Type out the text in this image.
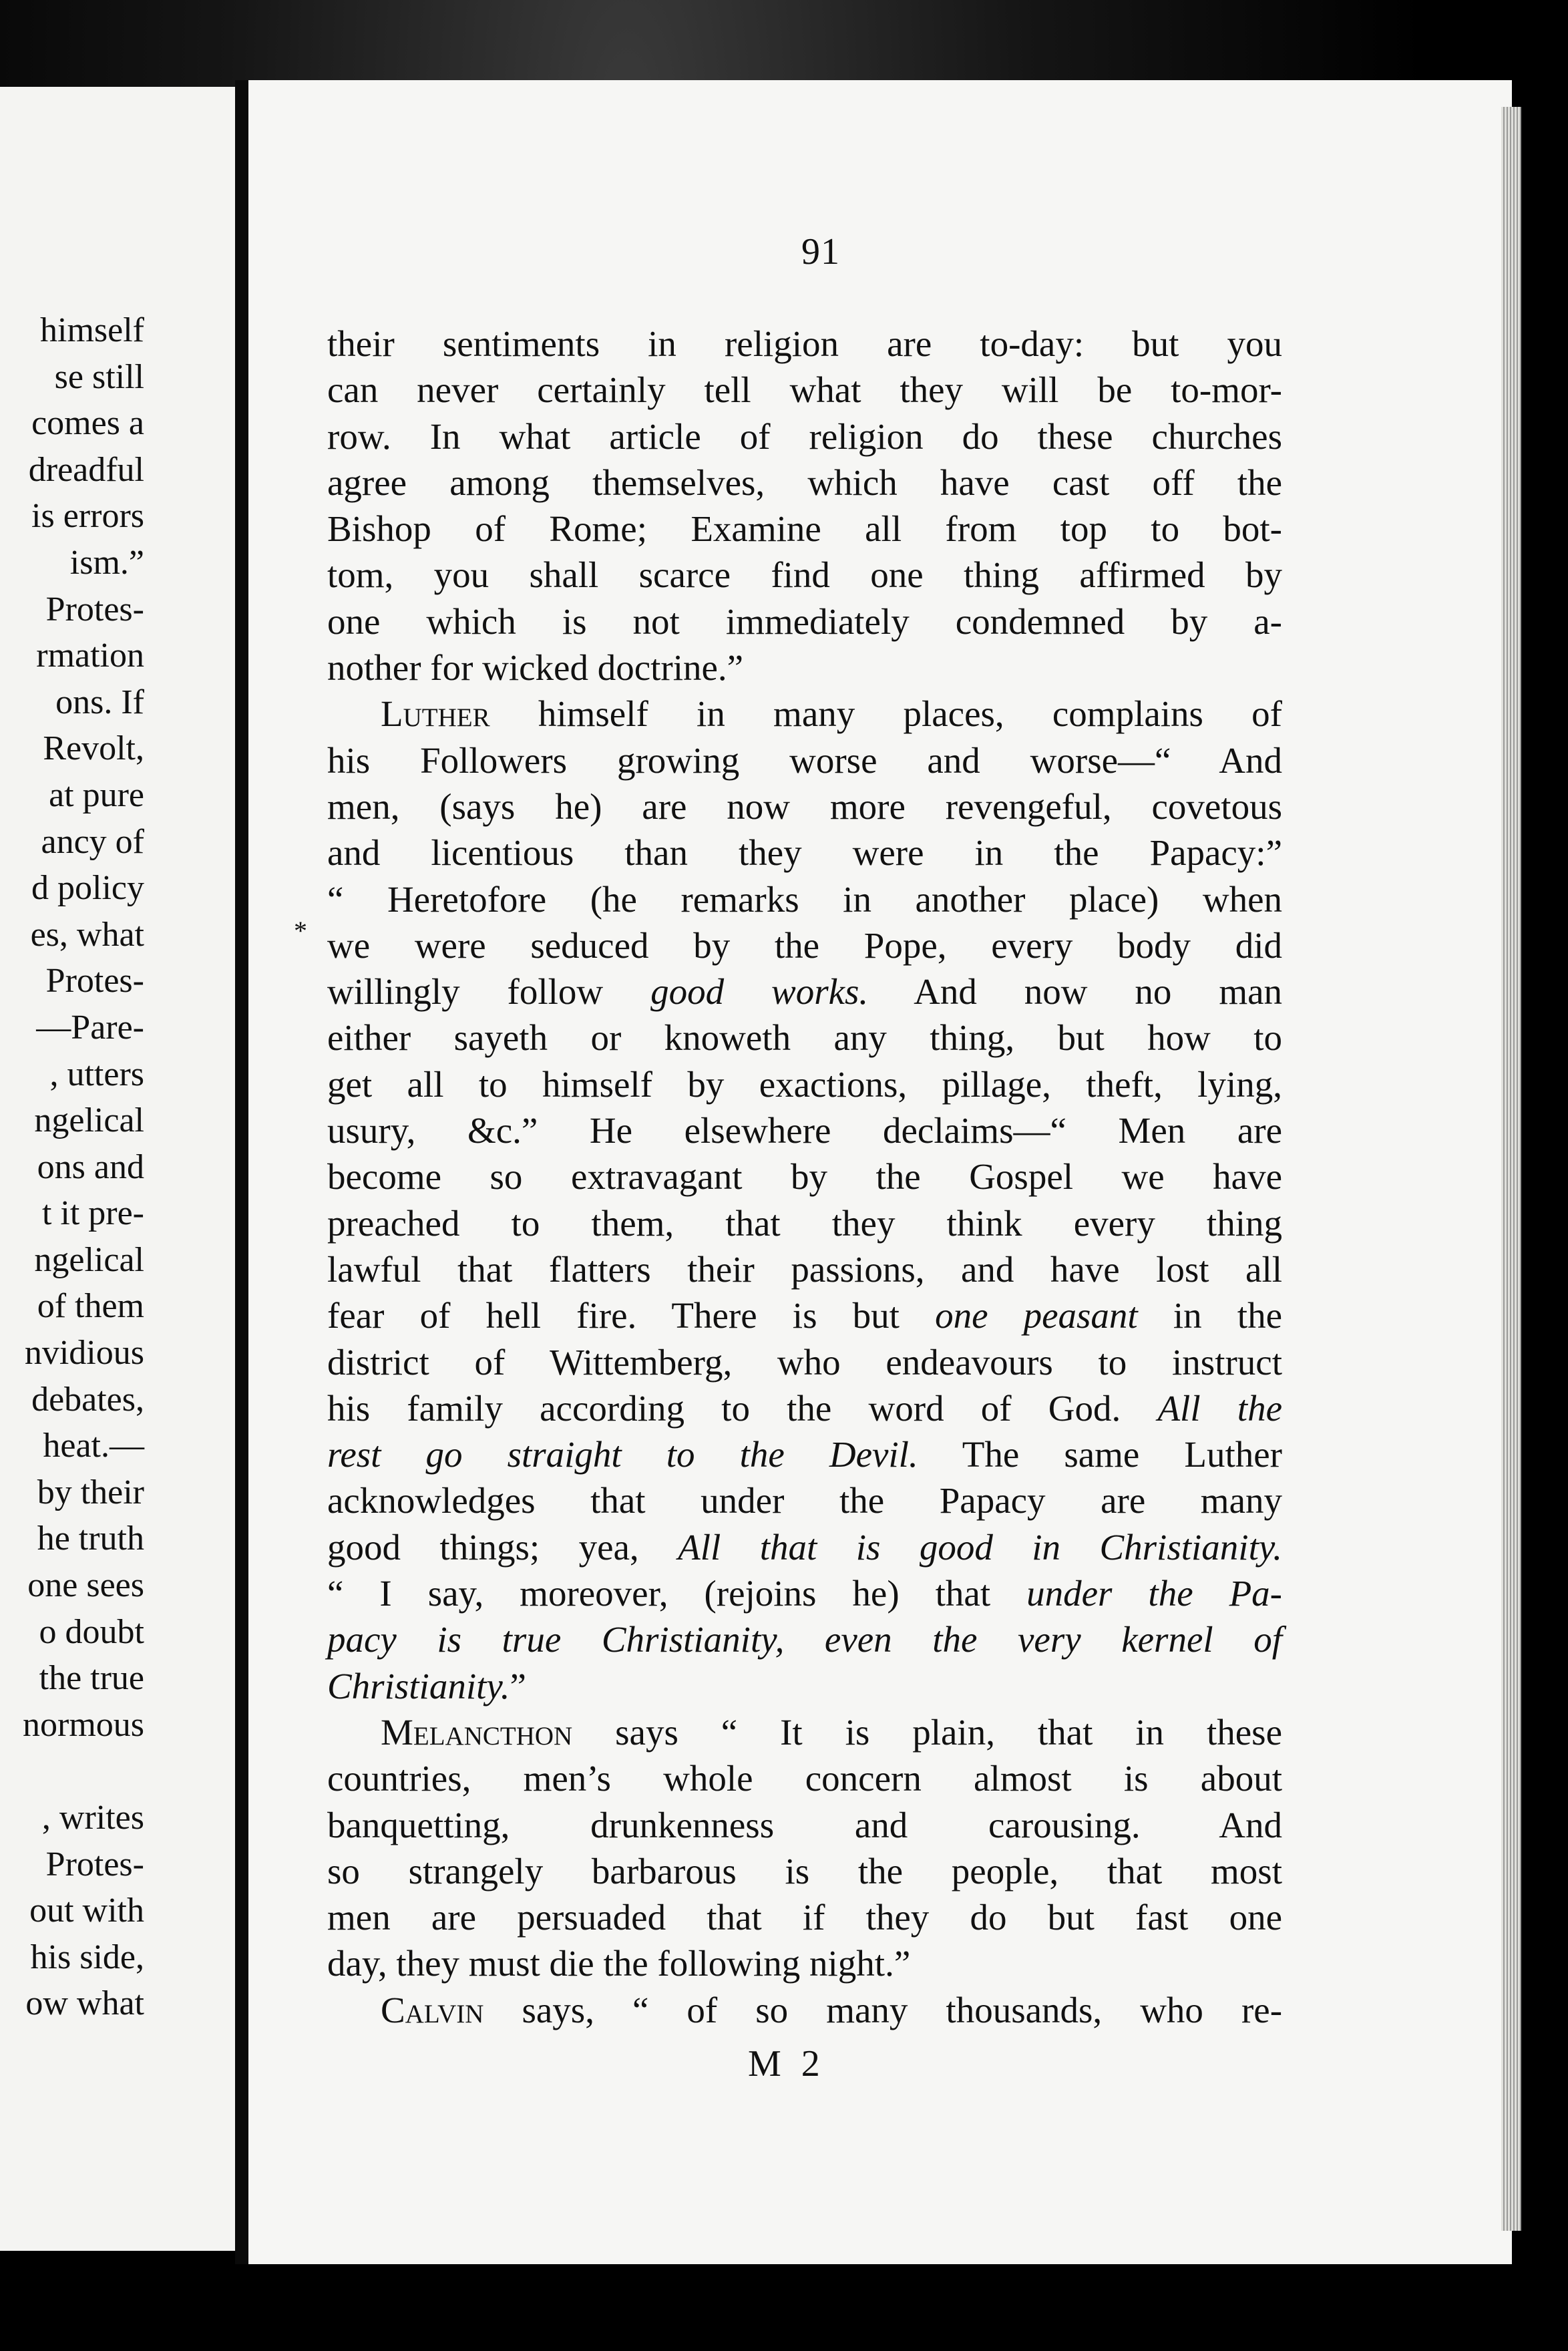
himself
se still
comes a
dreadful
is errors
ism.”
Protes-
rmation
ons. If
Revolt,
at pure
ancy of
d policy
es, what
Protes-
—Pare-
, utters
ngelical
ons and
t it pre-
ngelical
of them
nvidious
debates,
heat.—
by their
he truth
one sees
o doubt
the true
normous
, writes
Protes-
out with
his side,
ow what
91
*
their sentiments in religion are to-day: but you
can never certainly tell what they will be to-mor-
row. In what article of religion do these churches
agree among themselves, which have cast off the
Bishop of Rome; Examine all from top to bot-
tom, you shall scarce find one thing affirmed by
one which is not immediately condemned by a-
nother for wicked doctrine.”
Luther himself in many places, complains of
his Followers growing worse and worse—“ And
men, (says he) are now more revengeful, covetous
and licentious than they were in the Papacy:”
“ Heretofore (he remarks in another place) when
we were seduced by the Pope, every body did
willingly follow good works. And now no man
either sayeth or knoweth any thing, but how to
get all to himself by exactions, pillage, theft, lying,
usury, &c.” He elsewhere declaims—“ Men are
become so extravagant by the Gospel we have
preached to them, that they think every thing
lawful that flatters their passions, and have lost all
fear of hell fire. There is but one peasant in the
district of Wittemberg, who endeavours to instruct
his family according to the word of God. All the
rest go straight to the Devil. The same Luther
acknowledges that under the Papacy are many
good things; yea, All that is good in Christianity.
“ I say, moreover, (rejoins he) that under the Pa-
pacy is true Christianity, even the very kernel of
Christianity.”
Melancthon says “ It is plain, that in these
countries, men’s whole concern almost is about
banquetting, drunkenness and carousing. And
so strangely barbarous is the people, that most
men are persuaded that if they do but fast one
day, they must die the following night.”
Calvin says, “ of so many thousands, who re-
M 2
